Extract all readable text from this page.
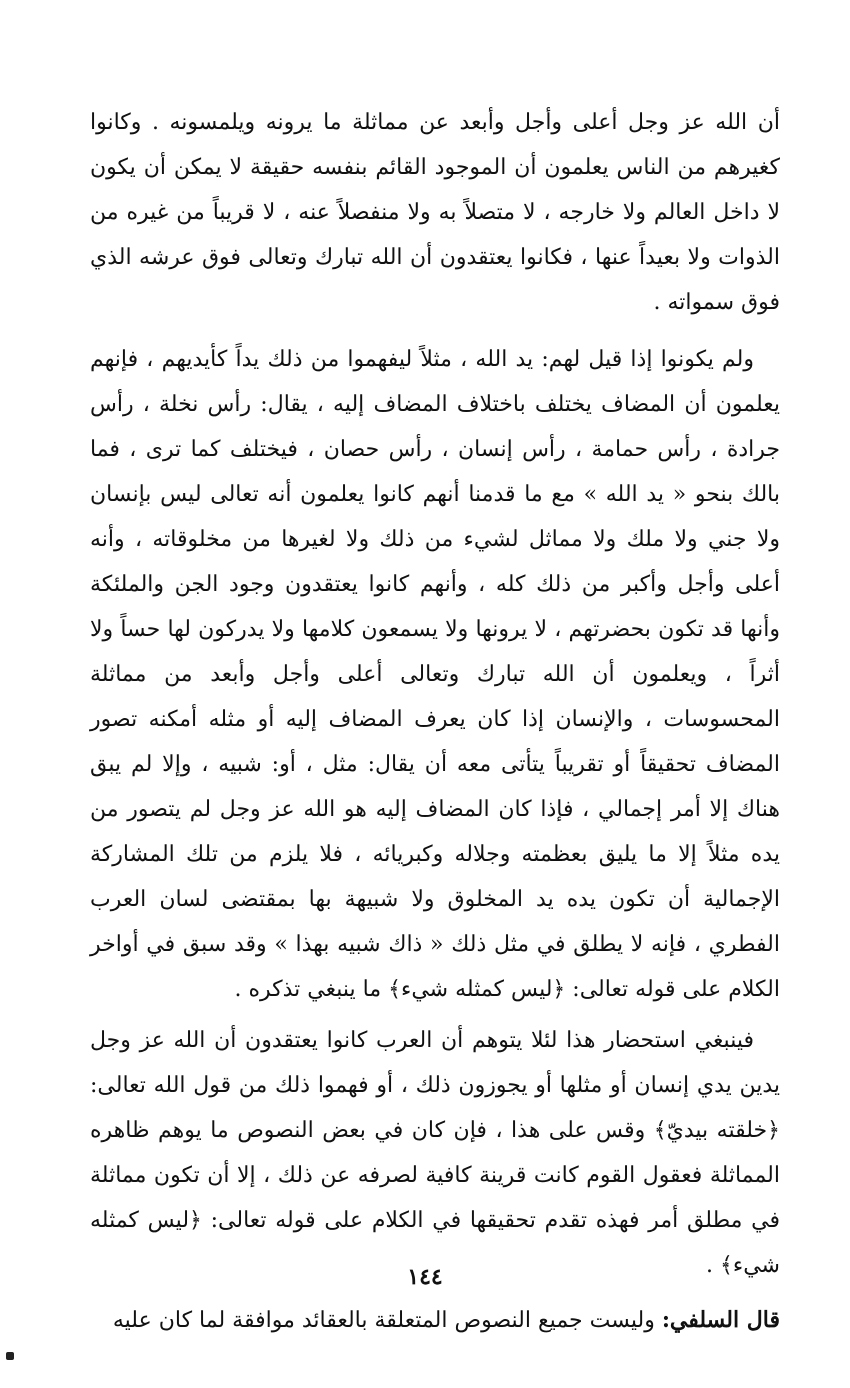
أن الله عز وجل أعلى وأجل وأبعد عن مماثلة ما يرونه ويلمسونه . وكانوا كغيرهم من الناس يعلمون أن الموجود القائم بنفسه حقيقة لا يمكن أن يكون لا داخل العالم ولا خارجه ، لا متصلاً به ولا منفصلاً عنه ، لا قريباً من غيره من الذوات ولا بعيداً عنها ، فكانوا يعتقدون أن الله تبارك وتعالى فوق عرشه الذي فوق سمواته .

ولم يكونوا إذا قيل لهم: يد الله ، مثلاً ليفهموا من ذلك يداً كأيديهم ، فإنهم يعلمون أن المضاف يختلف باختلاف المضاف إليه ، يقال: رأس نخلة ، رأس جرادة ، رأس حمامة ، رأس إنسان ، رأس حصان ، فيختلف كما ترى ، فما بالك بنحو « يد الله » مع ما قدمنا أنهم كانوا يعلمون أنه تعالى ليس بإنسان ولا جني ولا ملك ولا مماثل لشيء من ذلك ولا لغيرها من مخلوقاته ، وأنه أعلى وأجل وأكبر من ذلك كله ، وأنهم كانوا يعتقدون وجود الجن والملئكة وأنها قد تكون بحضرتهم ، لا يرونها ولا يسمعون كلامها ولا يدركون لها حساً ولا أثراً ، ويعلمون أن الله تبارك وتعالى أعلى وأجل وأبعد من مماثلة المحسوسات ، والإنسان إذا كان يعرف المضاف إليه أو مثله أمكنه تصور المضاف تحقيقاً أو تقريباً يتأتى معه أن يقال: مثل ، أو: شبيه ، وإلا لم يبق هناك إلا أمر إجمالي ، فإذا كان المضاف إليه هو الله عز وجل لم يتصور من يده مثلاً إلا ما يليق بعظمته وجلاله وكبريائه ، فلا يلزم من تلك المشاركة الإجمالية أن تكون يده يد المخلوق ولا شبيهة بها بمقتضى لسان العرب الفطري ، فإنه لا يطلق في مثل ذلك « ذاك شبيه بهذا » وقد سبق في أواخر الكلام على قوله تعالى: ﴿ليس كمثله شيء﴾ ما ينبغي تذكره .

فينبغي استحضار هذا لئلا يتوهم أن العرب كانوا يعتقدون أن الله عز وجل يدين يدي إنسان أو مثلها أو يجوزون ذلك ، أو فهموا ذلك من قول الله تعالى: ﴿خلقته بيديّ﴾ وقس على هذا ، فإن كان في بعض النصوص ما يوهم ظاهره المماثلة فعقول القوم كانت قرينة كافية لصرفه عن ذلك ، إلا أن تكون مماثلة في مطلق أمر فهذه تقدم تحقيقها في الكلام على قوله تعالى: ﴿ليس كمثله شيء﴾ .

قال السلفي: وليست جميع النصوص المتعلقة بالعقائد موافقة لما كان عليه

١٤٤
